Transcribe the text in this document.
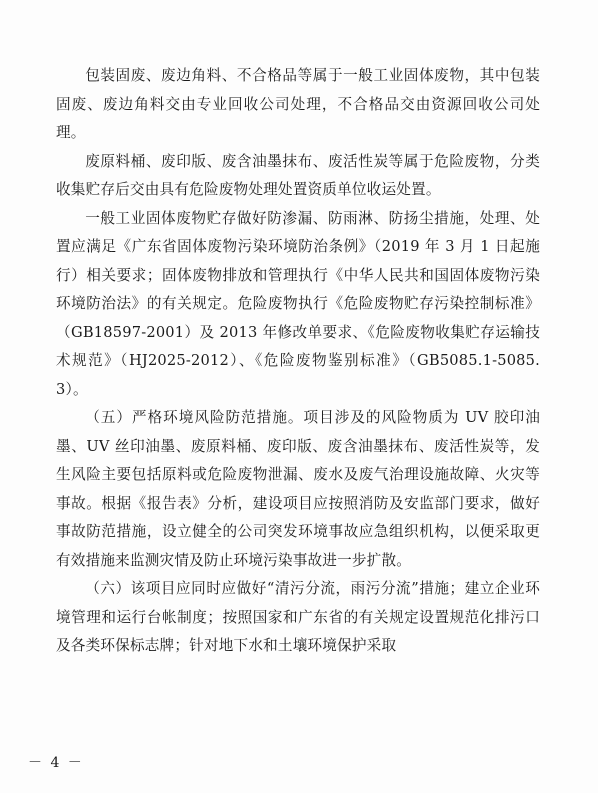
包装固废、废边角料、不合格品等属于一般工业固体废物，其中包装固废、废边角料交由专业回收公司处理，不合格品交由资源回收公司处理。

废原料桶、废印版、废含油墨抹布、废活性炭等属于危险废物，分类收集贮存后交由具有危险废物处理处置资质单位收运处置。

一般工业固体废物贮存做好防渗漏、防雨淋、防扬尘措施，处理、处置应满足《广东省固体废物污染环境防治条例》（2019 年 3 月 1 日起施行）相关要求；固体废物排放和管理执行《中华人民共和国固体废物污染环境防治法》的有关规定。危险废物执行《危险废物贮存污染控制标准》（GB18597-2001）及 2013 年修改单要求、《危险废物收集贮存运输技术规范》（HJ2025-2012）、《危险废物鉴别标准》（GB5085.1-5085.3）。

（五）严格环境风险防范措施。项目涉及的风险物质为 UV 胶印油墨、UV 丝印油墨、废原料桶、废印版、废含油墨抹布、废活性炭等，发生风险主要包括原料或危险废物泄漏、废水及废气治理设施故障、火灾等事故。根据《报告表》分析，建设项目应按照消防及安监部门要求，做好事故防范措施，设立健全的公司突发环境事故应急组织机构，以便采取更有效措施来监测灾情及防止环境污染事故进一步扩散。

（六）该项目应同时应做好“清污分流，雨污分流”措施；建立企业环境管理和运行台帐制度；按照国家和广东省的有关规定设置规范化排污口及各类环保标志牌；针对地下水和土壤环境保护采取

－ 4 －
